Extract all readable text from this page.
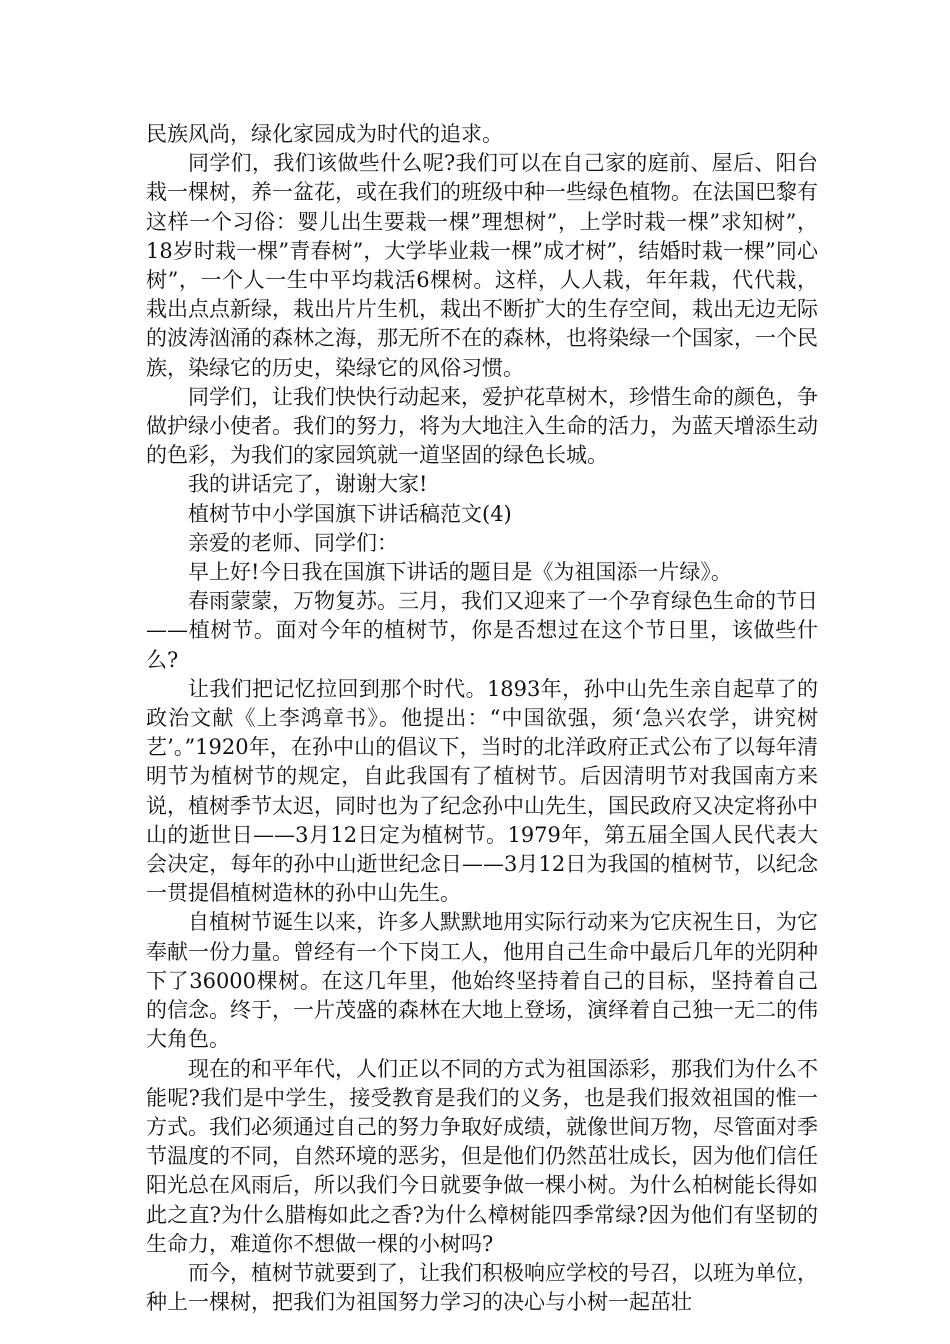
民族风尚，绿化家园成为时代的追求。

同学们，我们该做些什么呢?我们可以在自己家的庭前、屋后、阳台栽一棵树，养一盆花，或在我们的班级中种一些绿色植物。在法国巴黎有这样一个习俗：婴儿出生要栽一棵”理想树”，上学时栽一棵”求知树”，18岁时栽一棵”青春树”，大学毕业栽一棵”成才树”，结婚时栽一棵”同心树”，一个人一生中平均栽活6棵树。这样，人人栽，年年栽，代代栽，栽出点点新绿，栽出片片生机，栽出不断扩大的生存空间，栽出无边无际的波涛汹涌的森林之海，那无所不在的森林，也将染绿一个国家，一个民族，染绿它的历史，染绿它的风俗习惯。

同学们，让我们快快行动起来，爱护花草树木，珍惜生命的颜色，争做护绿小使者。我们的努力，将为大地注入生命的活力，为蓝天增添生动的色彩，为我们的家园筑就一道坚固的绿色长城。

我的讲话完了，谢谢大家!

植树节中小学国旗下讲话稿范文(4)

亲爱的老师、同学们：

早上好!今日我在国旗下讲话的题目是《为祖国添一片绿》。

春雨蒙蒙，万物复苏。三月，我们又迎来了一个孕育绿色生命的节日——植树节。面对今年的植树节，你是否想过在这个节日里，该做些什么?

让我们把记忆拉回到那个时代。1893年，孙中山先生亲自起草了的政治文献《上李鸿章书》。他提出：“中国欲强，须‘急兴农学，讲究树艺’。”1920年，在孙中山的倡议下，当时的北洋政府正式公布了以每年清明节为植树节的规定，自此我国有了植树节。后因清明节对我国南方来说，植树季节太迟，同时也为了纪念孙中山先生，国民政府又决定将孙中山的逝世日——3月12日定为植树节。1979年，第五届全国人民代表大会决定，每年的孙中山逝世纪念日——3月12日为我国的植树节，以纪念一贯提倡植树造林的孙中山先生。

自植树节诞生以来，许多人默默地用实际行动来为它庆祝生日，为它奉献一份力量。曾经有一个下岗工人，他用自己生命中最后几年的光阴种下了36000棵树。在这几年里，他始终坚持着自己的目标，坚持着自己的信念。终于，一片茂盛的森林在大地上登场，演绎着自己独一无二的伟大角色。

现在的和平年代，人们正以不同的方式为祖国添彩，那我们为什么不能呢?我们是中学生，接受教育是我们的义务，也是我们报效祖国的惟一方式。我们必须通过自己的努力争取好成绩，就像世间万物，尽管面对季节温度的不同，自然环境的恶劣，但是他们仍然茁壮成长，因为他们信任阳光总在风雨后，所以我们今日就要争做一棵小树。为什么柏树能长得如此之直?为什么腊梅如此之香?为什么樟树能四季常绿?因为他们有坚韧的生命力，难道你不想做一棵的小树吗?

而今，植树节就要到了，让我们积极响应学校的号召，以班为单位，种上一棵树，把我们为祖国努力学习的决心与小树一起茁壮
